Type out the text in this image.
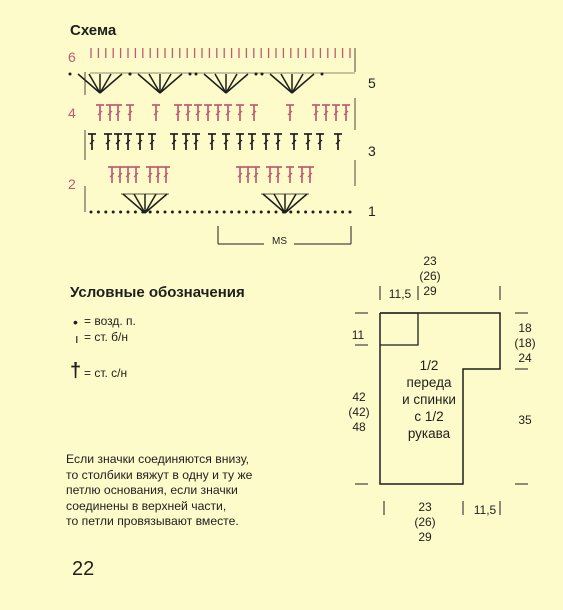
Схема
6
5
4
3
2
1
MS
Условные обозначения
• = возд. п.
ı = ст. б/н
† = ст. с/н
Если значки соединяются внизу,
то столбики вяжут в одну и ту же
петлю основания, если значки
соединены в верхней части,
то петли провязывают вместе.
22
23
(26)
29
11,5
11
42
(42)
48
18
(18)
24
35
23
(26)
29
11,5
1/2
переда
и спинки
с 1/2
рукава
